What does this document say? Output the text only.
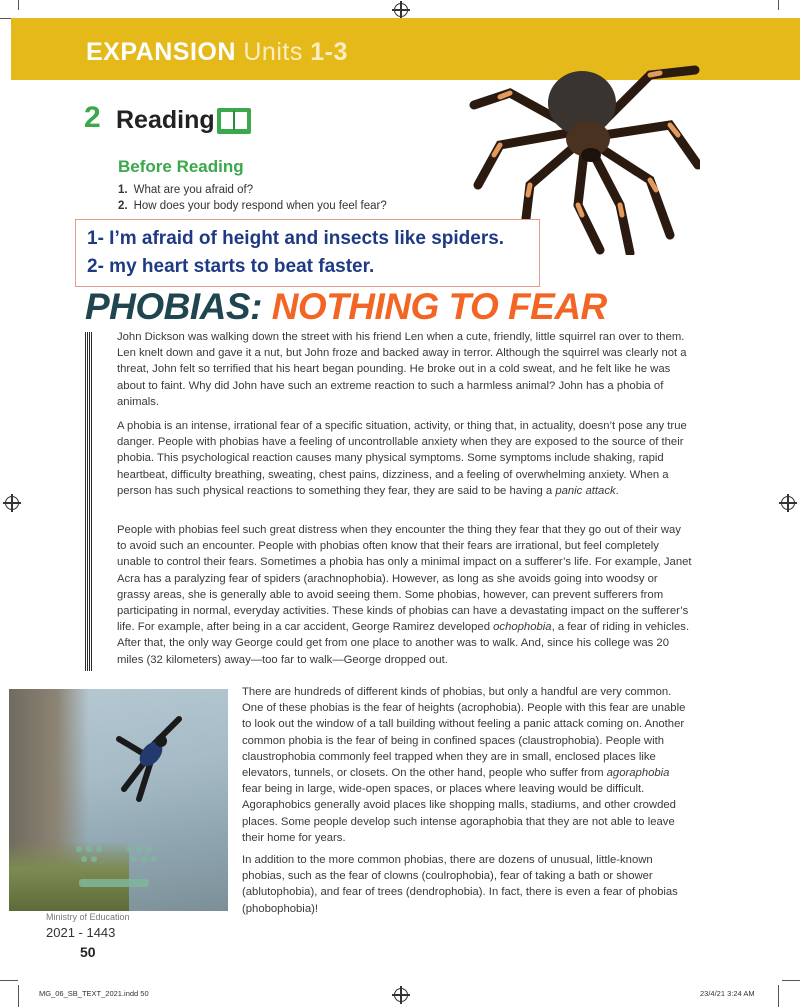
EXPANSION Units 1-3
2 Reading
Before Reading
1. What are you afraid of?
2. How does your body respond when you feel fear?
1- I’m afraid of height and insects like spiders.
2- my heart starts to beat faster.
PHOBIAS: NOTHING TO FEAR

John Dickson was walking down the street with his friend Len when a cute, friendly, little squirrel ran over to them. Len knelt down and gave it a nut, but John froze and backed away in terror. Although the squirrel was clearly not a threat, John felt so terrified that his heart began pounding. He broke out in a cold sweat, and he felt like he was about to faint. Why did John have such an extreme reaction to such a harmless animal? John has a phobia of animals.

A phobia is an intense, irrational fear of a specific situation, activity, or thing that, in actuality, doesn’t pose any true danger. People with phobias have a feeling of uncontrollable anxiety when they are exposed to the source of their phobia. This psychological reaction causes many physical symptoms. Some symptoms include shaking, rapid heartbeat, difficulty breathing, sweating, chest pains, dizziness, and a feeling of overwhelming anxiety. When a person has such physical reactions to something they fear, they are said to be having a panic attack.

People with phobias feel such great distress when they encounter the thing they fear that they go out of their way to avoid such an encounter. People with phobias often know that their fears are irrational, but feel completely unable to control their fears. Sometimes a phobia has only a minimal impact on a sufferer’s life. For example, Janet Acra has a paralyzing fear of spiders (arachnophobia). However, as long as she avoids going into woodsy or grassy areas, she is generally able to avoid seeing them. Some phobias, however, can prevent sufferers from participating in normal, everyday activities. These kinds of phobias can have a devastating impact on the sufferer’s life. For example, after being in a car accident, George Ramirez developed ochophobia, a fear of riding in vehicles. After that, the only way George could get from one place to another was to walk. And, since his college was 20 miles (32 kilometers) away—too far to walk—George dropped out.

There are hundreds of different kinds of phobias, but only a handful are very common. One of these phobias is the fear of heights (acrophobia). People with this fear are unable to look out the window of a tall building without feeling a panic attack coming on. Another common phobia is the fear of being in confined spaces (claustrophobia). People with claustrophobia commonly feel trapped when they are in small, enclosed places like elevators, tunnels, or closets. On the other hand, people who suffer from agoraphobia fear being in large, wide-open spaces, or places where leaving would be difficult. Agoraphobics generally avoid places like shopping malls, stadiums, and other crowded places. Some people develop such intense agoraphobia that they are not able to leave their home for years.

In addition to the more common phobias, there are dozens of unusual, little-known phobias, such as the fear of clowns (coulrophobia), fear of taking a bath or shower (ablutophobia), and fear of trees (dendrophobia). In fact, there is even a fear of phobias (phobophobia)!

Ministry of Education
2021 - 1443
50
MG_06_SB_TEXT_2021.indd 50	23/4/21 3:24 AM
